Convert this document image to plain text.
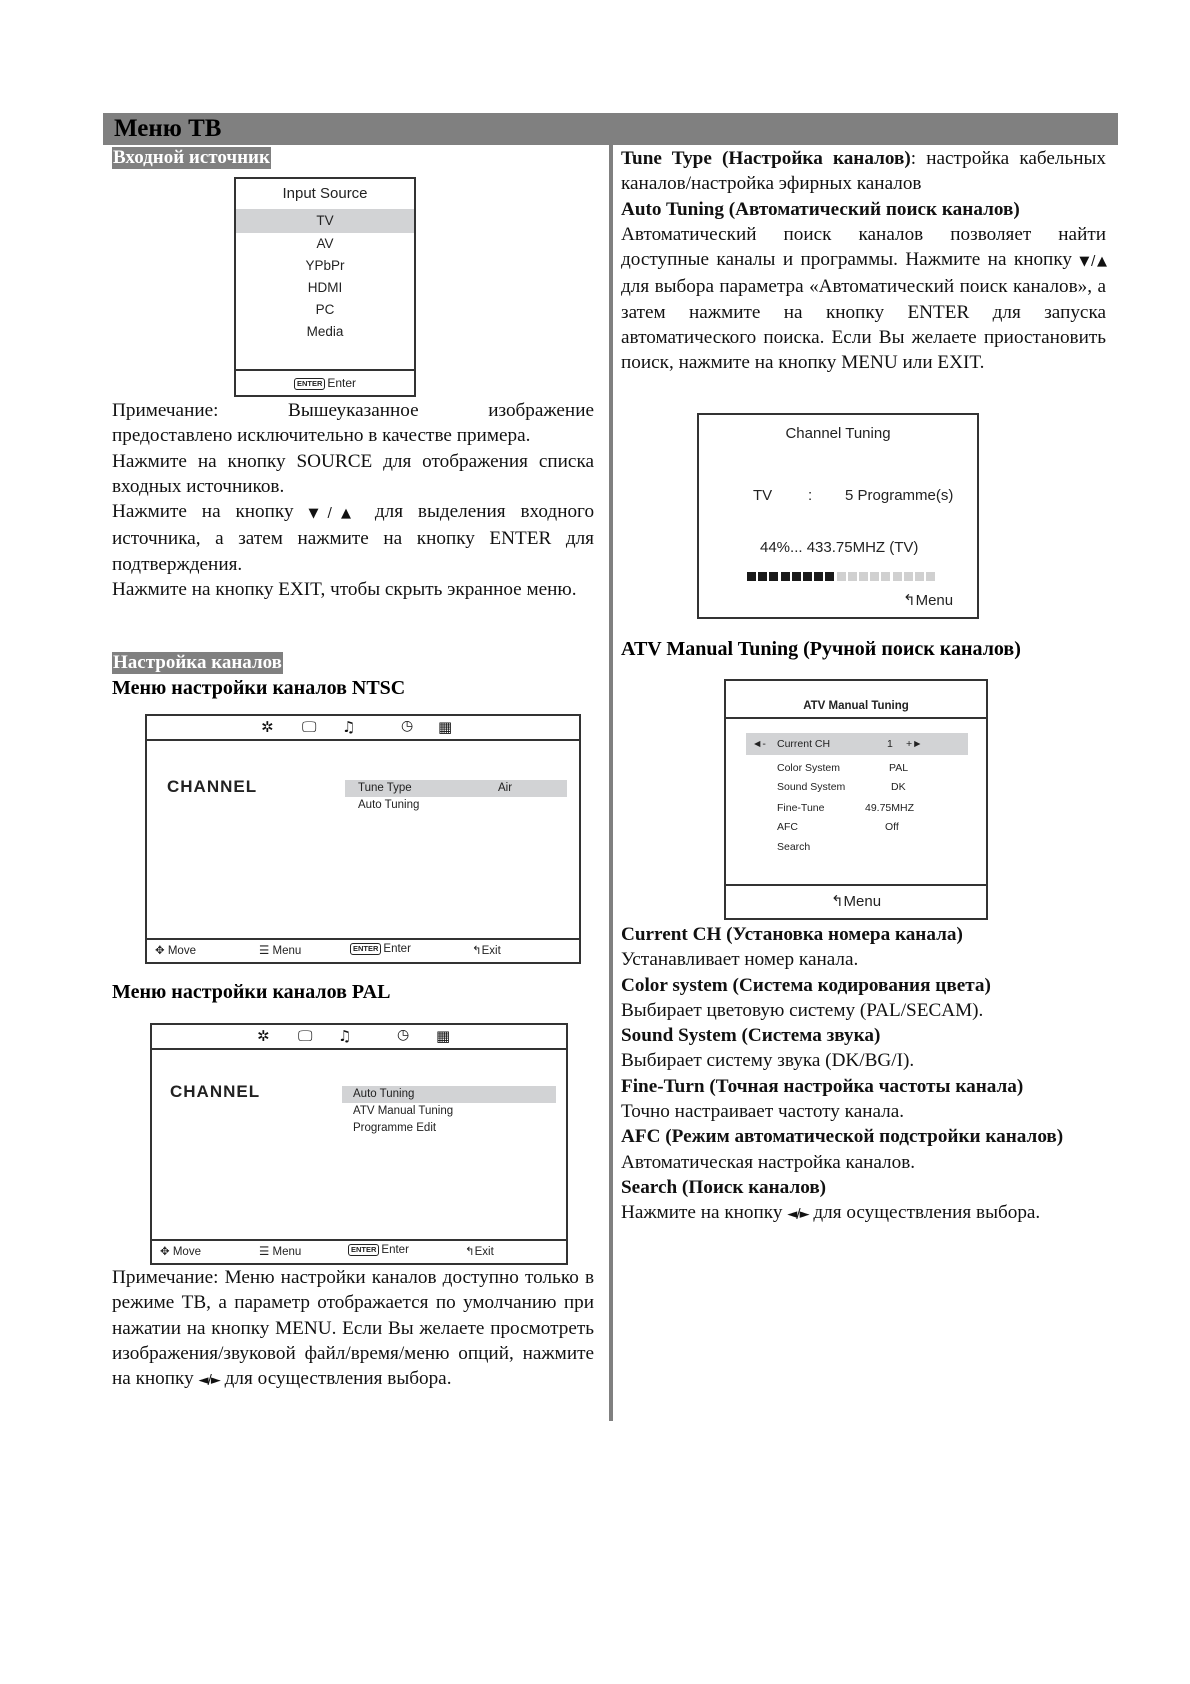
Меню ТВ
Входной источник
Input Source
TV
AV
YPbPr
HDMI
PC
Media
ENTER Enter

Примечание: Вышеуказанное изображение

предоставлено исключительно в качестве примера.

Нажмите на кнопку SOURCE для отображения списка входных источников.

Нажмите на кнопку ▼/▲ для выделения входного источника, а затем нажмите на кнопку ENTER для подтверждения.

Нажмите на кнопку EXIT, чтобы скрыть экранное меню.

Настройка каналов
Меню настройки каналов NTSC
✲ 🖵 ♫	◷ ▦
CHANNEL	Tune Type	Air
Auto Tuning
✥ Move	☰ Menu	ENTER Enter	↰Exit
Меню настройки каналов PAL
✲ 🖵 ♫	◷ ▦
CHANNEL	Auto Tuning
ATV Manual Tuning
Programme Edit
✥ Move	☰ Menu	ENTER Enter	↰Exit

Примечание: Меню настройки каналов доступно только в режиме ТВ, а параметр отображается по умолчанию при нажатии на кнопку MENU. Если Вы желаете просмотреть изображения/звуковой файл/время/меню опций, нажмите на кнопку ◄/► для осуществления выбора.

Tune Type (Настройка каналов): настройка кабельных каналов/настройка эфирных каналов

Auto Tuning (Автоматический поиск каналов)

Автоматический поиск каналов позволяет найти доступные каналы и программы. Нажмите на кнопку ▼/▲ для выбора параметра «Автоматический поиск каналов», а затем нажмите на кнопку ENTER для запуска автоматического поиска. Если Вы желаете приостановить поиск, нажмите на кнопку MENU или EXIT.

Channel Tuning
TV : 5 Programme(s)
44%... 433.75MHZ (TV)
↰Menu
ATV Manual Tuning (Ручной поиск каналов)
ATV Manual Tuning
◄- Current CH	1 +►
Color System	PAL
Sound System	DK
Fine-Tune	49.75MHZ
AFC	Off
Search
↰Menu

Current CH (Установка номера канала)

Устанавливает номер канала.

Color system (Система кодирования цвета)

Выбирает цветовую систему (PAL/SECAM).

Sound System (Система звука)

Выбирает систему звука (DK/BG/I).

Fine-Turn (Точная настройка частоты канала)

Точно настраивает частоту канала.

AFC (Режим автоматической подстройки каналов)

Автоматическая настройка каналов.

Search (Поиск каналов)

Нажмите на кнопку ◄/► для осуществления выбора.
